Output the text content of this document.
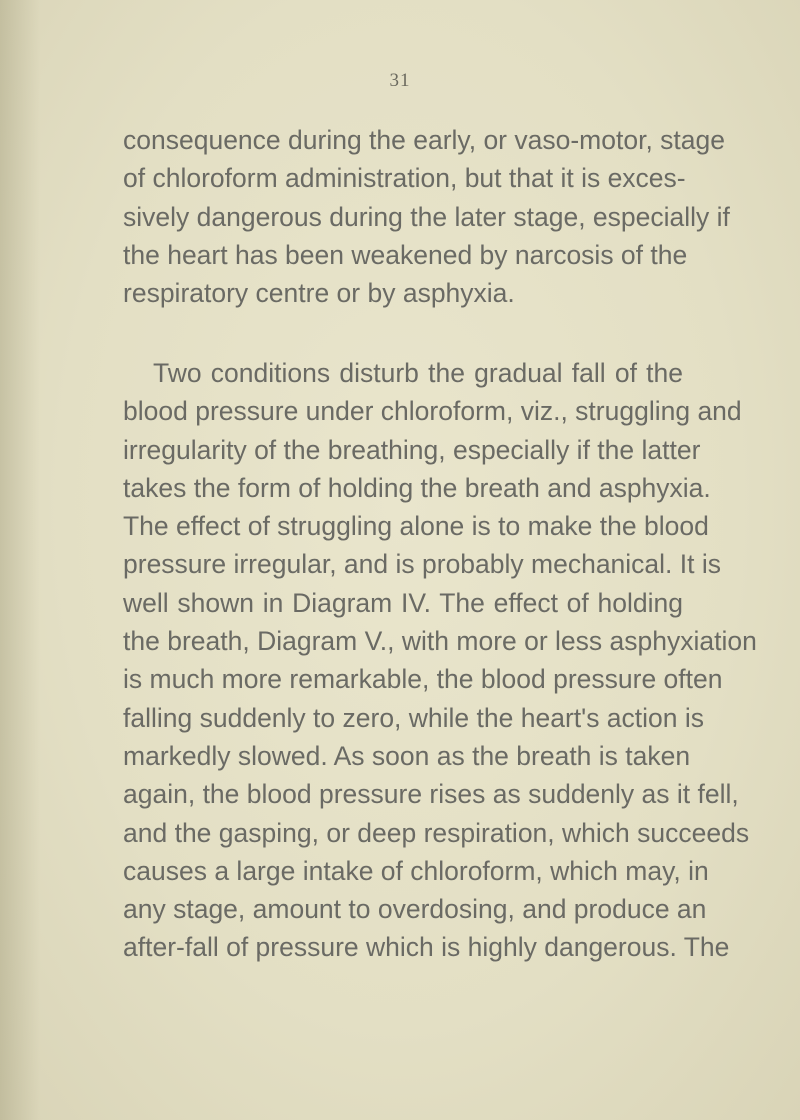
31
consequence during the early, or vaso-motor, stage
of chloroform administration, but that it is exces-
sively dangerous during the later stage, especially if
the heart has been weakened by narcosis of the
respiratory centre or by asphyxia.
Two conditions disturb the gradual fall of the
blood pressure under chloroform, viz., struggling and
irregularity of the breathing, especially if the latter
takes the form of holding the breath and asphyxia.
The effect of struggling alone is to make the blood
pressure irregular, and is probably mechanical. It is
well shown in Diagram IV. The effect of holding
the breath, Diagram V., with more or less asphyxiation
is much more remarkable, the blood pressure often
falling suddenly to zero, while the heart's action is
markedly slowed. As soon as the breath is taken
again, the blood pressure rises as suddenly as it fell,
and the gasping, or deep respiration, which succeeds
causes a large intake of chloroform, which may, in
any stage, amount to overdosing, and produce an
after-fall of pressure which is highly dangerous. The
